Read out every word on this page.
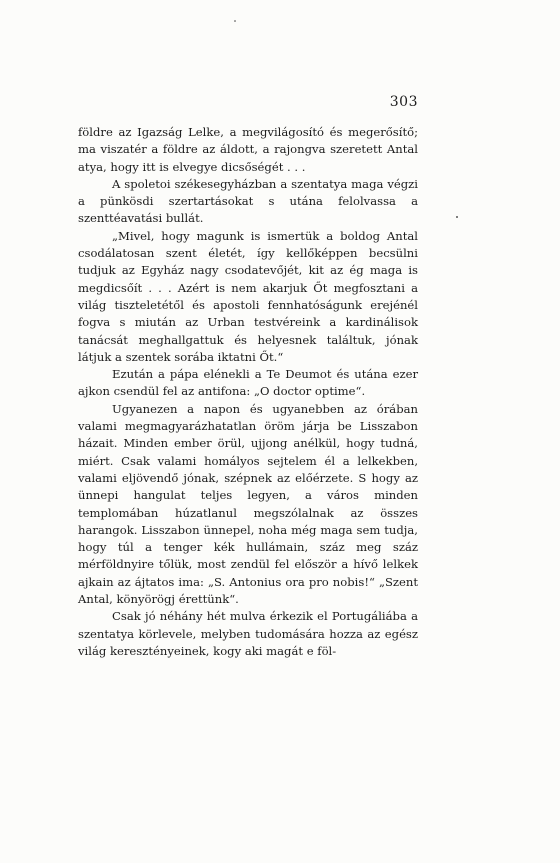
303

földre az Igazság Lelke, a megvilágosító és megerősítő; ma viszatér a földre az áldott, a rajongva szeretett Antal atya, hogy itt is elvegye dicsőségét . . .

A spoletoi székesegyházban a szentatya maga végzi a pünkösdi szertartásokat s utána felolvassa a szenttéavatási bullát.

„Mivel, hogy magunk is ismertük a boldog Antal csodálatosan szent életét, így kellőképpen becsülni tudjuk az Egyház nagy csodatevőjét, kit az ég maga is megdicsőít . . . Azért is nem akarjuk Őt megfosztani a világ tiszteletétől és apostoli fennhatóságunk erejénél fogva s miután az Urban testvéreink a kardinálisok tanácsát meghallgattuk és helyesnek találtuk, jónak látjuk a szentek sorába iktatni Őt.“

Ezután a pápa elénekli a Te Deumot és utána ezer ajkon csendül fel az antifona: „O doctor optime“.

Ugyanezen a napon és ugyanebben az órában valami megmagyarázhatatlan öröm járja be Lisszabon házait. Minden ember örül, ujjong anélkül, hogy tudná, miért. Csak valami homályos sejtelem él a lelkekben, valami eljövendő jónak, szépnek az előérzete. S hogy az ünnepi hangulat teljes legyen, a város minden templomában húzatlanul megszólalnak az összes harangok. Lisszabon ünnepel, noha még maga sem tudja, hogy túl a tenger kék hullámain, száz meg száz mérföldnyire tőlük, most zendül fel először a hívő lelkek ajkain az ájtatos ima: „S. Antonius ora pro nobis!“ „Szent Antal, könyörögj érettünk“.

Csak jó néhány hét mulva érkezik el Portugáliába a szentatya körlevele, melyben tudomására hozza az egész világ keresztényeinek, kogy aki magát e föl-
